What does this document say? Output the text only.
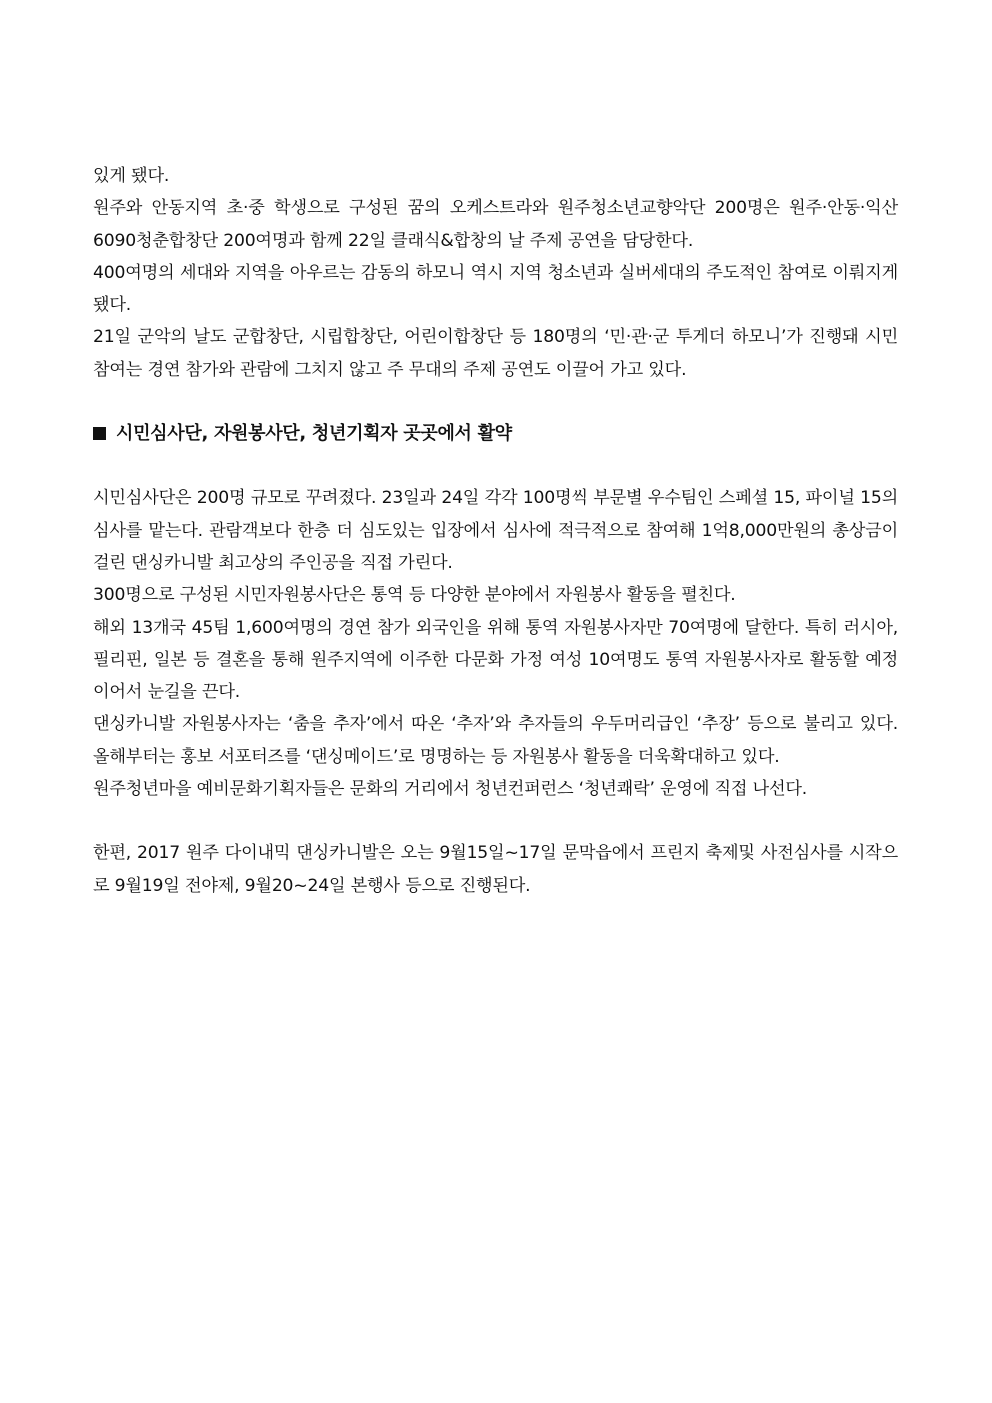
있게 됐다.

원주와 안동지역 초·중 학생으로 구성된 꿈의 오케스트라와 원주청소년교향악단 200명은 원주·안동·익산 6090청춘합창단 200여명과 함께 22일 클래식&합창의 날 주제 공연을 담당한다.

400여명의 세대와 지역을 아우르는 감동의 하모니 역시 지역 청소년과 실버세대의 주도적인 참여로 이뤄지게 됐다.

21일 군악의 날도 군합창단, 시립합창단, 어린이합창단 등 180명의 ‘민·관·군 투게더 하모니’가 진행돼 시민 참여는 경연 참가와 관람에 그치지 않고 주 무대의 주제 공연도 이끌어 가고 있다.

시민심사단, 자원봉사단, 청년기획자 곳곳에서 활약

시민심사단은 200명 규모로 꾸려졌다. 23일과 24일 각각 100명씩 부문별 우수팀인 스페셜 15, 파이널 15의 심사를 맡는다. 관람객보다 한층 더 심도있는 입장에서 심사에 적극적으로 참여해 1억8,000만원의 총상금이 걸린 댄싱카니발 최고상의 주인공을 직접 가린다.

300명으로 구성된 시민자원봉사단은 통역 등 다양한 분야에서 자원봉사 활동을 펼친다.

해외 13개국 45팀 1,600여명의 경연 참가 외국인을 위해 통역 자원봉사자만 70여명에 달한다. 특히 러시아, 필리핀, 일본 등 결혼을 통해 원주지역에 이주한 다문화 가정 여성 10여명도 통역 자원봉사자로 활동할 예정이어서 눈길을 끈다.

댄싱카니발 자원봉사자는 ‘춤을 추자’에서 따온 ‘추자’와 추자들의 우두머리급인 ‘추장’ 등으로 불리고 있다. 올해부터는 홍보 서포터즈를 ‘댄싱메이드’로 명명하는 등 자원봉사 활동을 더욱확대하고 있다.

원주청년마을 예비문화기획자들은 문화의 거리에서 청년컨퍼런스 ‘청년쾌락’ 운영에 직접 나선다.

한편, 2017 원주 다이내믹 댄싱카니발은 오는 9월15일~17일 문막읍에서 프린지 축제및 사전심사를 시작으로 9월19일 전야제, 9월20~24일 본행사 등으로 진행된다.
